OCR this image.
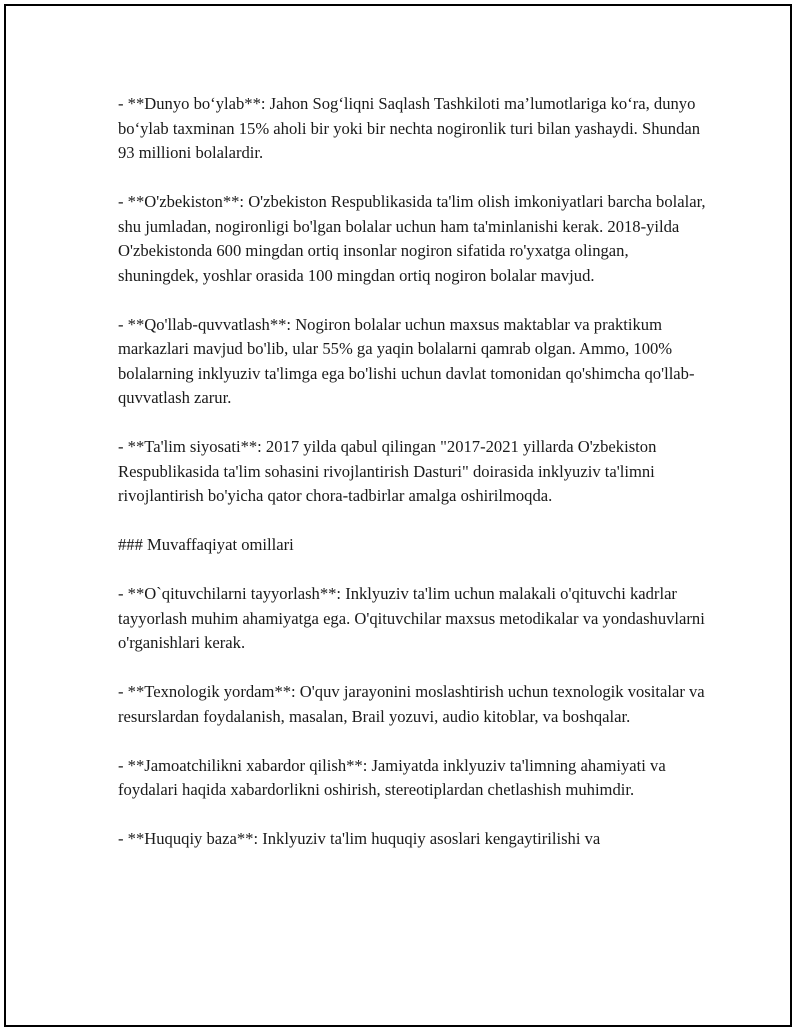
- **Dunyo bo‘ylab**: Jahon Sog‘liqni Saqlash Tashkiloti ma’lumotlariga ko‘ra, dunyo bo‘ylab taxminan 15% aholi bir yoki bir nechta nogironlik turi bilan yashaydi. Shundan 93 millioni bolalardir.

- **O'zbekiston**: O'zbekiston Respublikasida ta'lim olish imkoniyatlari barcha bolalar, shu jumladan, nogironligi bo'lgan bolalar uchun ham ta'minlanishi kerak. 2018-yilda O'zbekistonda 600 mingdan ortiq insonlar nogiron sifatida ro'yxatga olingan, shuningdek, yoshlar orasida 100 mingdan ortiq nogiron bolalar mavjud.

- **Qo'llab-quvvatlash**: Nogiron bolalar uchun maxsus maktablar va praktikum markazlari mavjud bo'lib, ular 55% ga yaqin bolalarni qamrab olgan. Ammo, 100% bolalarning inklyuziv ta'limga ega bo'lishi uchun davlat tomonidan qo'shimcha qo'llab-quvvatlash zarur.

- **Ta'lim siyosati**: 2017 yilda qabul qilingan "2017-2021 yillarda O'zbekiston Respublikasida ta'lim sohasini rivojlantirish Dasturi" doirasida inklyuziv ta'limni rivojlantirish bo'yicha qator chora-tadbirlar amalga oshirilmoqda.

### Muvaffaqiyat omillari

- **O`qituvchilarni tayyorlash**: Inklyuziv ta'lim uchun malakali o'qituvchi kadrlar tayyorlash muhim ahamiyatga ega. O'qituvchilar maxsus metodikalar va yondashuvlarni o'rganishlari kerak.

- **Texnologik yordam**: O'quv jarayonini moslashtirish uchun texnologik vositalar va resurslardan foydalanish, masalan, Brail yozuvi, audio kitoblar, va boshqalar.

- **Jamoatchilikni xabardor qilish**: Jamiyatda inklyuziv ta'limning ahamiyati va foydalari haqida xabardorlikni oshirish, stereotiplardan chetlashish muhimdir.

- **Huquqiy baza**: Inklyuziv ta'lim huquqiy asoslari kengaytirilishi va
